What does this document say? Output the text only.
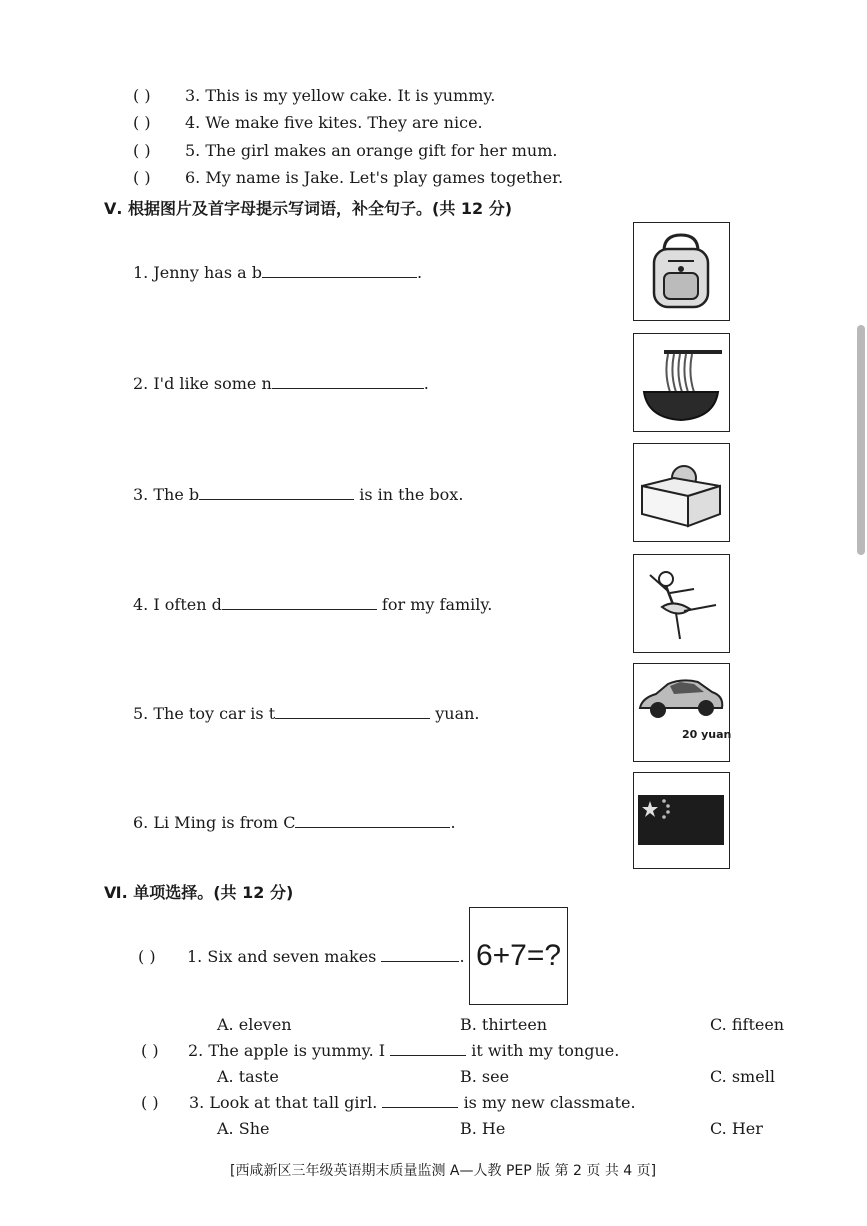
( ) 3. This is my yellow cake. It is yummy.
( ) 4. We make five kites. They are nice.
( ) 5. The girl makes an orange gift for her mum.
( ) 6. My name is Jake. Let's play games together.
Ⅴ. 根据图片及首字母提示写词语，补全句子。(共 12 分)
1. Jenny has a b	.
2. I'd like some n	.
3. The b	is in the box.
4. I often d	for my family.
5. The toy car is t	yuan.
6. Li Ming is from C	.
20 yuan
Ⅵ. 单项选择。(共 12 分)
( ) 1. Six and seven makes	. 6+7=?
A. eleven	B. thirteen	C. fifteen
( ) 2. The apple is yummy. I	it with my tongue.
A. taste	B. see	C. smell
( ) 3. Look at that tall girl.	is my new classmate.
A. She	B. He	C. Her
[西咸新区三年级英语期末质量监测 A—人教 PEP 版 第 2 页 共 4 页]
